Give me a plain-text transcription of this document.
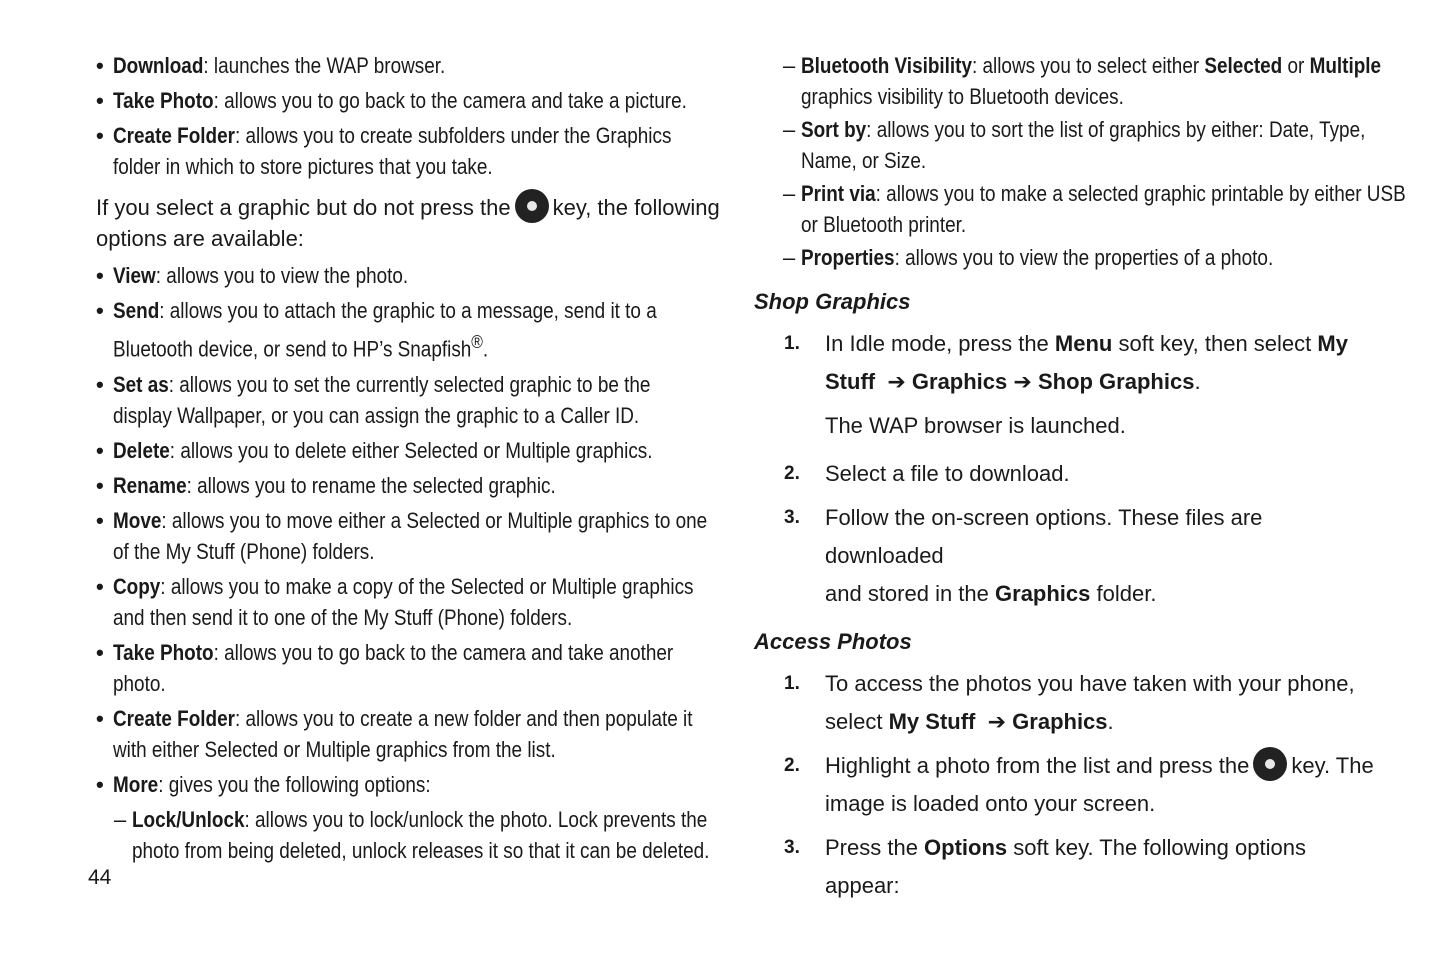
• Download: launches the WAP browser.
• Take Photo: allows you to go back to the camera and take a picture.
• Create Folder: allows you to create subfolders under the Graphics
folder in which to store pictures that you take.
If you select a graphic but do not press the key, the following
options are available:
• View: allows you to view the photo.
• Send: allows you to attach the graphic to a message, send it to a
Bluetooth device, or send to HP’s Snapfish®.
• Set as: allows you to set the currently selected graphic to be the
display Wallpaper, or you can assign the graphic to a Caller ID.
• Delete: allows you to delete either Selected or Multiple graphics.
• Rename: allows you to rename the selected graphic.
• Move: allows you to move either a Selected or Multiple graphics to one
of the My Stuff (Phone) folders.
• Copy: allows you to make a copy of the Selected or Multiple graphics
and then send it to one of the My Stuff (Phone) folders.
• Take Photo: allows you to go back to the camera and take another
photo.
• Create Folder: allows you to create a new folder and then populate it
with either Selected or Multiple graphics from the list.
• More: gives you the following options:
– Lock/Unlock: allows you to lock/unlock the photo. Lock prevents the
photo from being deleted, unlock releases it so that it can be deleted.
– Bluetooth Visibility: allows you to select either Selected or Multiple
graphics visibility to Bluetooth devices.
– Sort by: allows you to sort the list of graphics by either: Date, Type,
Name, or Size.
– Print via: allows you to make a selected graphic printable by either USB
or Bluetooth printer.
– Properties: allows you to view the properties of a photo.
Shop Graphics
1. In Idle mode, press the Menu soft key, then select My
Stuff ➔ Graphics ➔ Shop Graphics.
The WAP browser is launched.
2. Select a file to download.
3. Follow the on-screen options. These files are downloaded
and stored in the Graphics folder.
Access Photos
1. To access the photos you have taken with your phone,
select My Stuff ➔ Graphics.
2. Highlight a photo from the list and press the key. The
image is loaded onto your screen.
3. Press the Options soft key. The following options appear:
44
